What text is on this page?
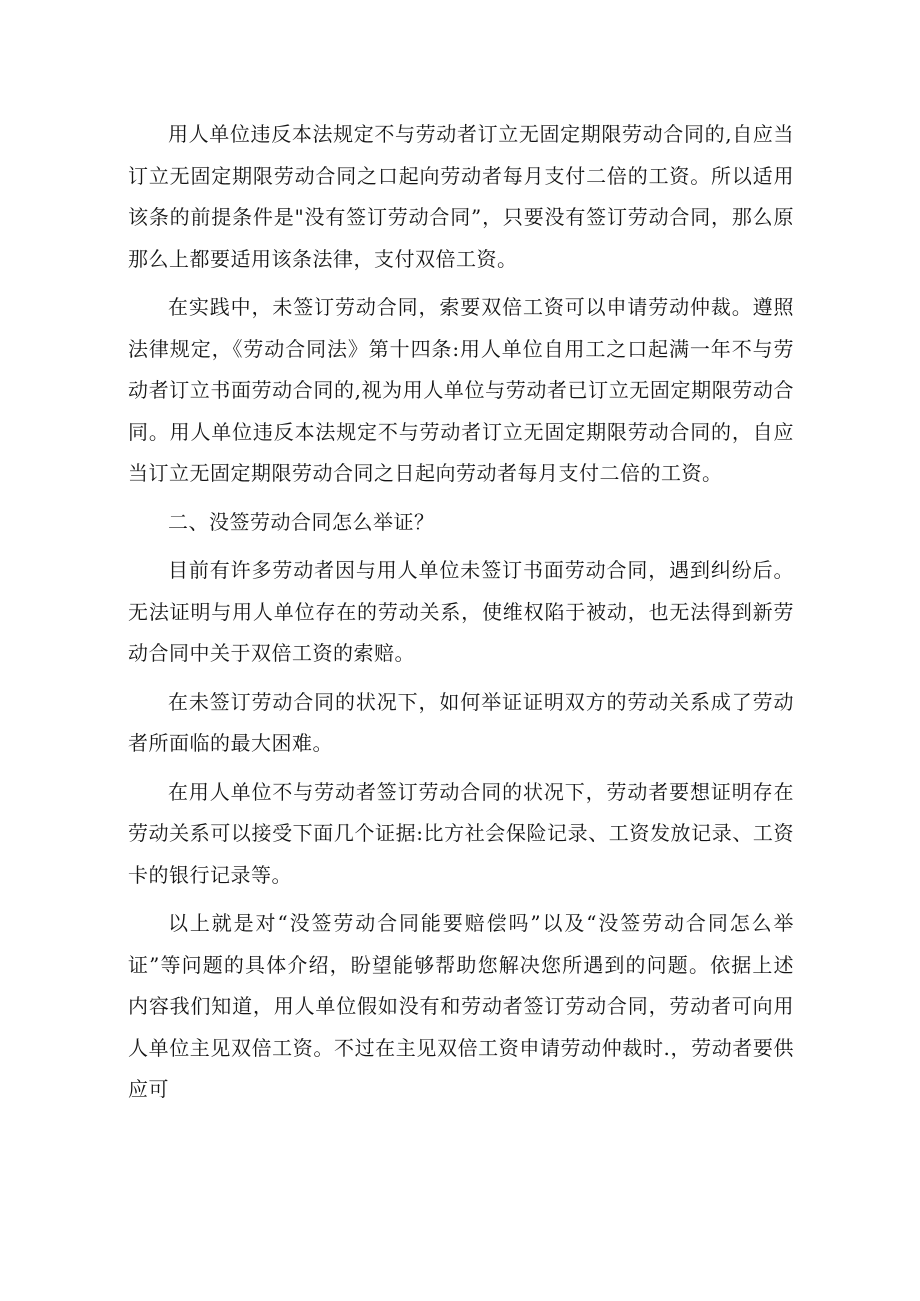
用人单位违反本法规定不与劳动者订立无固定期限劳动合同的,自应当订立无固定期限劳动合同之口起向劳动者每月支付二倍的工资。所以适用该条的前提条件是"没有签订劳动合同”，只要没有签订劳动合同，那么原那么上都要适用该条法律，支付双倍工资。

在实践中，未签订劳动合同，索要双倍工资可以申请劳动仲裁。遵照法律规定，《劳动合同法》第十四条:用人单位自用工之口起满一年不与劳动者订立书面劳动合同的,视为用人单位与劳动者已订立无固定期限劳动合同。用人单位违反本法规定不与劳动者订立无固定期限劳动合同的，自应当订立无固定期限劳动合同之日起向劳动者每月支付二倍的工资。

二、没签劳动合同怎么举证？

目前有许多劳动者因与用人单位未签订书面劳动合同，遇到纠纷后。无法证明与用人单位存在的劳动关系，使维权陷于被动，也无法得到新劳动合同中关于双倍工资的索赔。

在未签订劳动合同的状况下，如何举证证明双方的劳动关系成了劳动者所面临的最大困难。

在用人单位不与劳动者签订劳动合同的状况下，劳动者要想证明存在劳动关系可以接受下面几个证据:比方社会保险记录、工资发放记录、工资卡的银行记录等。

以上就是对“没签劳动合同能要赔偿吗”以及“没签劳动合同怎么举证”等问题的具体介绍，盼望能够帮助您解决您所遇到的问题。依据上述内容我们知道，用人单位假如没有和劳动者签订劳动合同，劳动者可向用人单位主见双倍工资。不过在主见双倍工资申请劳动仲裁时.，劳动者要供应可
